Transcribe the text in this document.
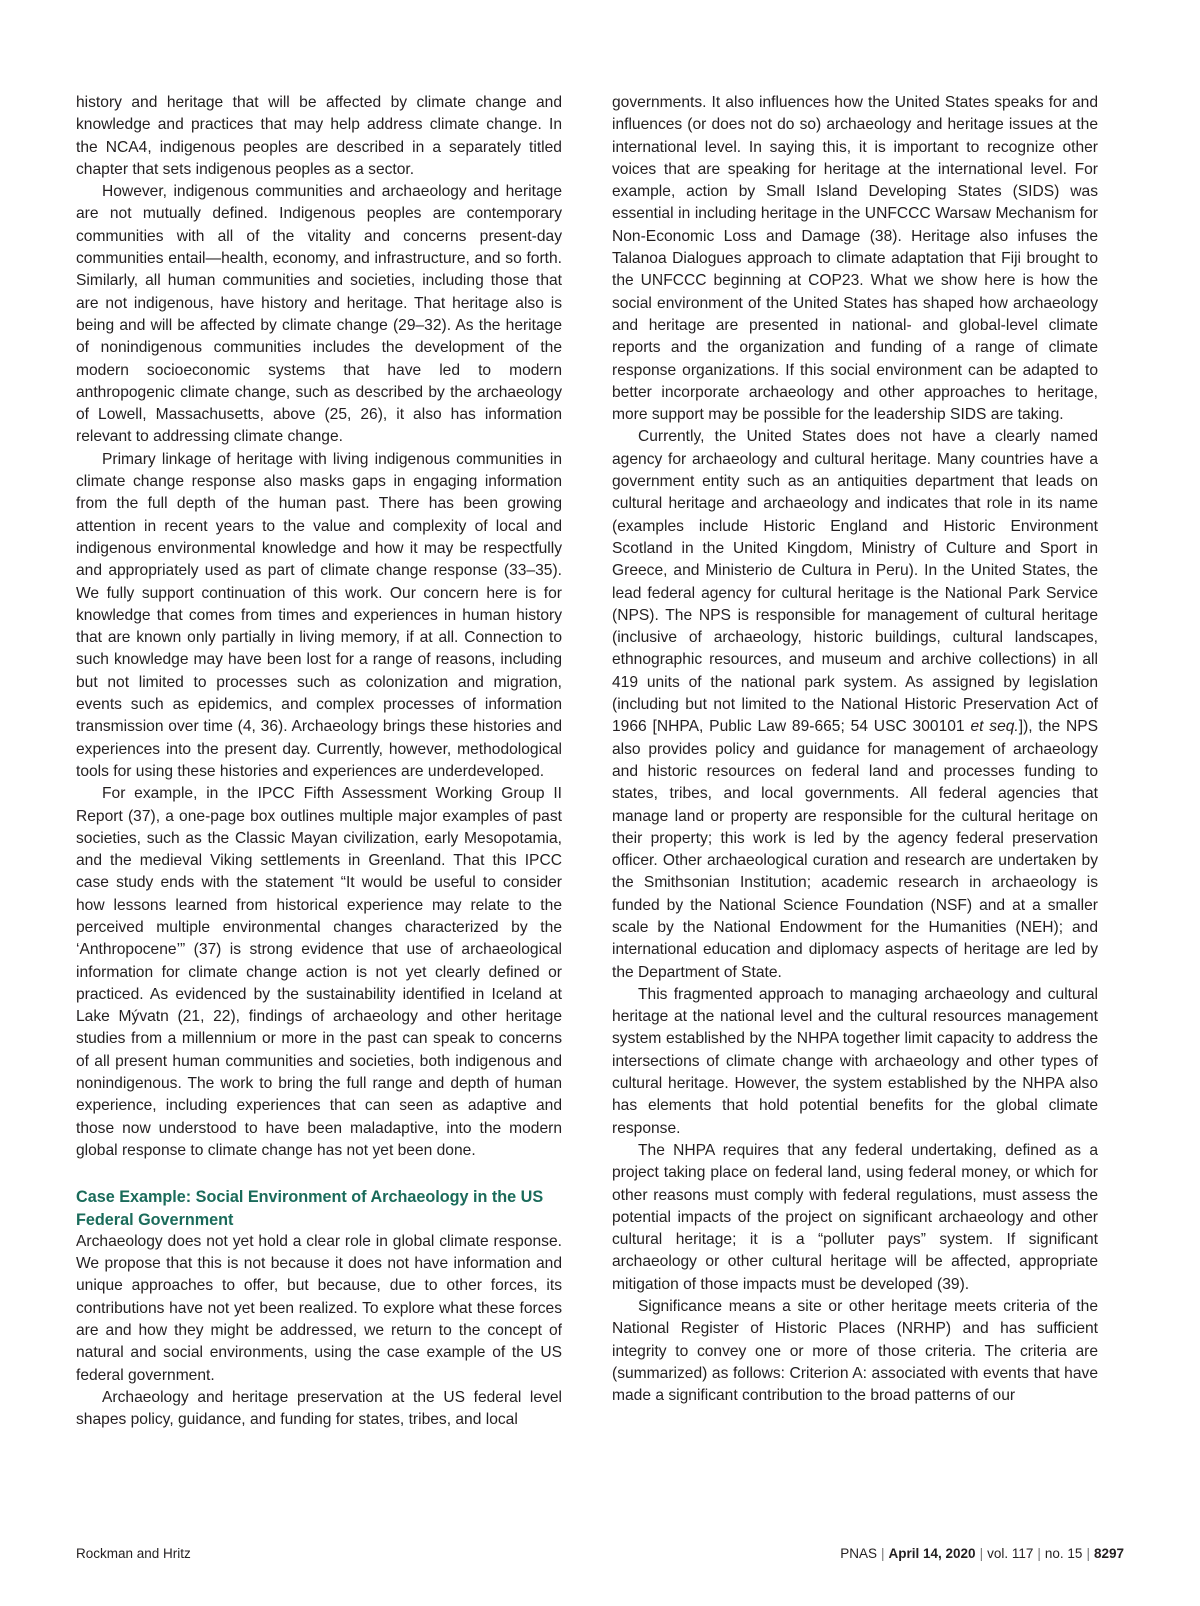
history and heritage that will be affected by climate change and knowledge and practices that may help address climate change. In the NCA4, indigenous peoples are described in a separately titled chapter that sets indigenous peoples as a sector.

However, indigenous communities and archaeology and heritage are not mutually defined. Indigenous peoples are contemporary communities with all of the vitality and concerns present-day communities entail—health, economy, and infrastructure, and so forth. Similarly, all human communities and societies, including those that are not indigenous, have history and heritage. That heritage also is being and will be affected by climate change (29–32). As the heritage of nonindigenous communities includes the development of the modern socioeconomic systems that have led to modern anthropogenic climate change, such as described by the archaeology of Lowell, Massachusetts, above (25, 26), it also has information relevant to addressing climate change.

Primary linkage of heritage with living indigenous communities in climate change response also masks gaps in engaging information from the full depth of the human past. There has been growing attention in recent years to the value and complexity of local and indigenous environmental knowledge and how it may be respectfully and appropriately used as part of climate change response (33–35). We fully support continuation of this work. Our concern here is for knowledge that comes from times and experiences in human history that are known only partially in living memory, if at all. Connection to such knowledge may have been lost for a range of reasons, including but not limited to processes such as colonization and migration, events such as epidemics, and complex processes of information transmission over time (4, 36). Archaeology brings these histories and experiences into the present day. Currently, however, methodological tools for using these histories and experiences are underdeveloped.

For example, in the IPCC Fifth Assessment Working Group II Report (37), a one-page box outlines multiple major examples of past societies, such as the Classic Mayan civilization, early Mesopotamia, and the medieval Viking settlements in Greenland. That this IPCC case study ends with the statement “It would be useful to consider how lessons learned from historical experience may relate to the perceived multiple environmental changes characterized by the ‘Anthropocene’” (37) is strong evidence that use of archaeological information for climate change action is not yet clearly defined or practiced. As evidenced by the sustainability identified in Iceland at Lake Mývatn (21, 22), findings of archaeology and other heritage studies from a millennium or more in the past can speak to concerns of all present human communities and societies, both indigenous and nonindigenous. The work to bring the full range and depth of human experience, including experiences that can seen as adaptive and those now understood to have been maladaptive, into the modern global response to climate change has not yet been done.

Case Example: Social Environment of Archaeology in the US Federal Government

Archaeology does not yet hold a clear role in global climate response. We propose that this is not because it does not have information and unique approaches to offer, but because, due to other forces, its contributions have not yet been realized. To explore what these forces are and how they might be addressed, we return to the concept of natural and social environments, using the case example of the US federal government.

Archaeology and heritage preservation at the US federal level shapes policy, guidance, and funding for states, tribes, and local

governments. It also influences how the United States speaks for and influences (or does not do so) archaeology and heritage issues at the international level. In saying this, it is important to recognize other voices that are speaking for heritage at the international level. For example, action by Small Island Developing States (SIDS) was essential in including heritage in the UNFCCC Warsaw Mechanism for Non-Economic Loss and Damage (38). Heritage also infuses the Talanoa Dialogues approach to climate adaptation that Fiji brought to the UNFCCC beginning at COP23. What we show here is how the social environment of the United States has shaped how archaeology and heritage are presented in national- and global-level climate reports and the organization and funding of a range of climate response organizations. If this social environment can be adapted to better incorporate archaeology and other approaches to heritage, more support may be possible for the leadership SIDS are taking.

Currently, the United States does not have a clearly named agency for archaeology and cultural heritage. Many countries have a government entity such as an antiquities department that leads on cultural heritage and archaeology and indicates that role in its name (examples include Historic England and Historic Environment Scotland in the United Kingdom, Ministry of Culture and Sport in Greece, and Ministerio de Cultura in Peru). In the United States, the lead federal agency for cultural heritage is the National Park Service (NPS). The NPS is responsible for management of cultural heritage (inclusive of archaeology, historic buildings, cultural landscapes, ethnographic resources, and museum and archive collections) in all 419 units of the national park system. As assigned by legislation (including but not limited to the National Historic Preservation Act of 1966 [NHPA, Public Law 89-665; 54 USC 300101 et seq.]), the NPS also provides policy and guidance for management of archaeology and historic resources on federal land and processes funding to states, tribes, and local governments. All federal agencies that manage land or property are responsible for the cultural heritage on their property; this work is led by the agency federal preservation officer. Other archaeological curation and research are undertaken by the Smithsonian Institution; academic research in archaeology is funded by the National Science Foundation (NSF) and at a smaller scale by the National Endowment for the Humanities (NEH); and international education and diplomacy aspects of heritage are led by the Department of State.

This fragmented approach to managing archaeology and cultural heritage at the national level and the cultural resources management system established by the NHPA together limit capacity to address the intersections of climate change with archaeology and other types of cultural heritage. However, the system established by the NHPA also has elements that hold potential benefits for the global climate response.

The NHPA requires that any federal undertaking, defined as a project taking place on federal land, using federal money, or which for other reasons must comply with federal regulations, must assess the potential impacts of the project on significant archaeology and other cultural heritage; it is a “polluter pays” system. If significant archaeology or other cultural heritage will be affected, appropriate mitigation of those impacts must be developed (39).

Significance means a site or other heritage meets criteria of the National Register of Historic Places (NRHP) and has sufficient integrity to convey one or more of those criteria. The criteria are (summarized) as follows: Criterion A: associated with events that have made a significant contribution to the broad patterns of our

Rockman and Hritz	PNAS | April 14, 2020 | vol. 117 | no. 15 | 8297
